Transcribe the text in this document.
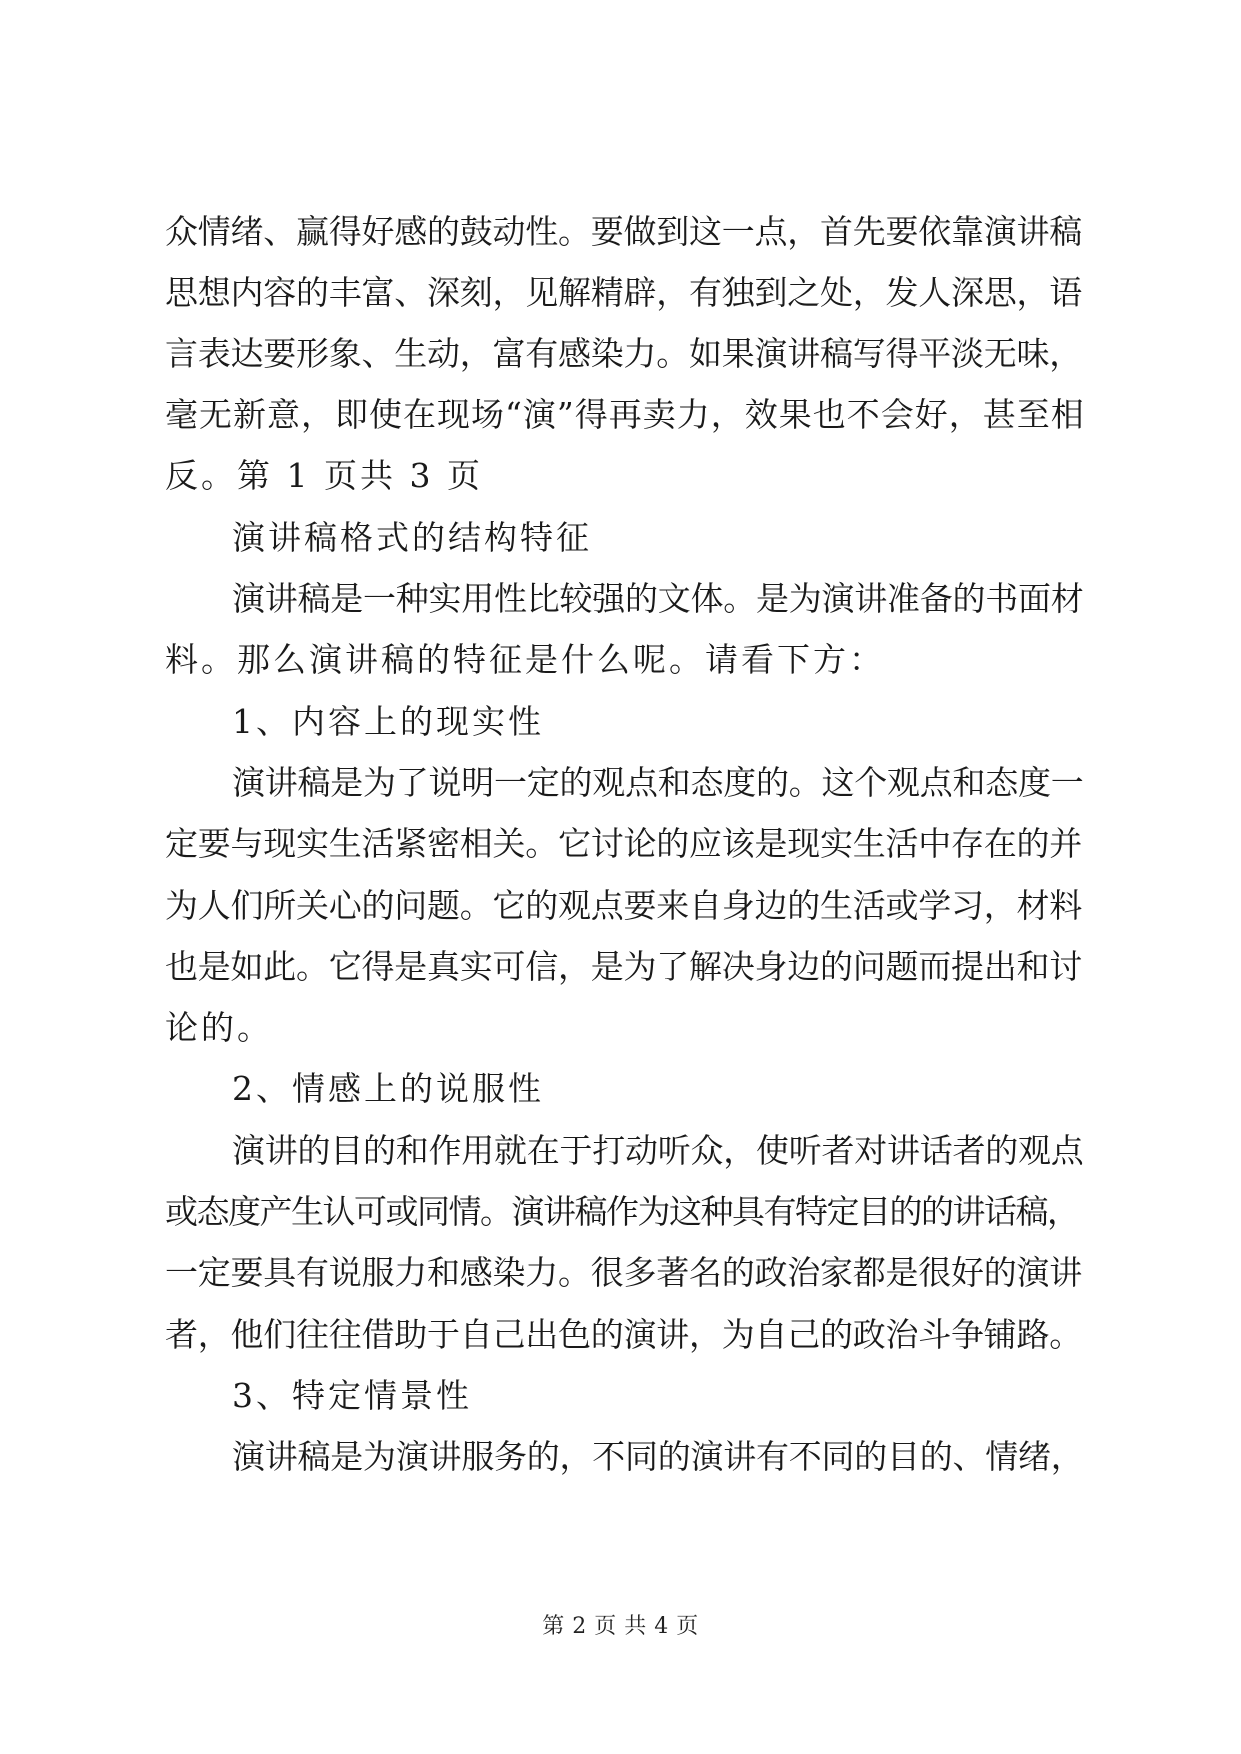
众情绪、赢得好感的鼓动性。要做到这一点，首先要依靠演讲稿
思想内容的丰富、深刻，见解精辟，有独到之处，发人深思，语
言表达要形象、生动，富有感染力。如果演讲稿写得平淡无味，
毫无新意，即使在现场“演”得再卖力，效果也不会好，甚至相
反。第 1 页共 3 页
演讲稿格式的结构特征
演讲稿是一种实用性比较强的文体。是为演讲准备的书面材
料。那么演讲稿的特征是什么呢。请看下方：
1、内容上的现实性
演讲稿是为了说明一定的观点和态度的。这个观点和态度一
定要与现实生活紧密相关。它讨论的应该是现实生活中存在的并
为人们所关心的问题。它的观点要来自身边的生活或学习，材料
也是如此。它得是真实可信，是为了解决身边的问题而提出和讨
论的。
2、情感上的说服性
演讲的目的和作用就在于打动听众，使听者对讲话者的观点
或态度产生认可或同情。演讲稿作为这种具有特定目的的讲话稿，
一定要具有说服力和感染力。很多著名的政治家都是很好的演讲
者，他们往往借助于自己出色的演讲，为自己的政治斗争铺路。
3、特定情景性
演讲稿是为演讲服务的，不同的演讲有不同的目的、情绪，
第 2 页 共 4 页
